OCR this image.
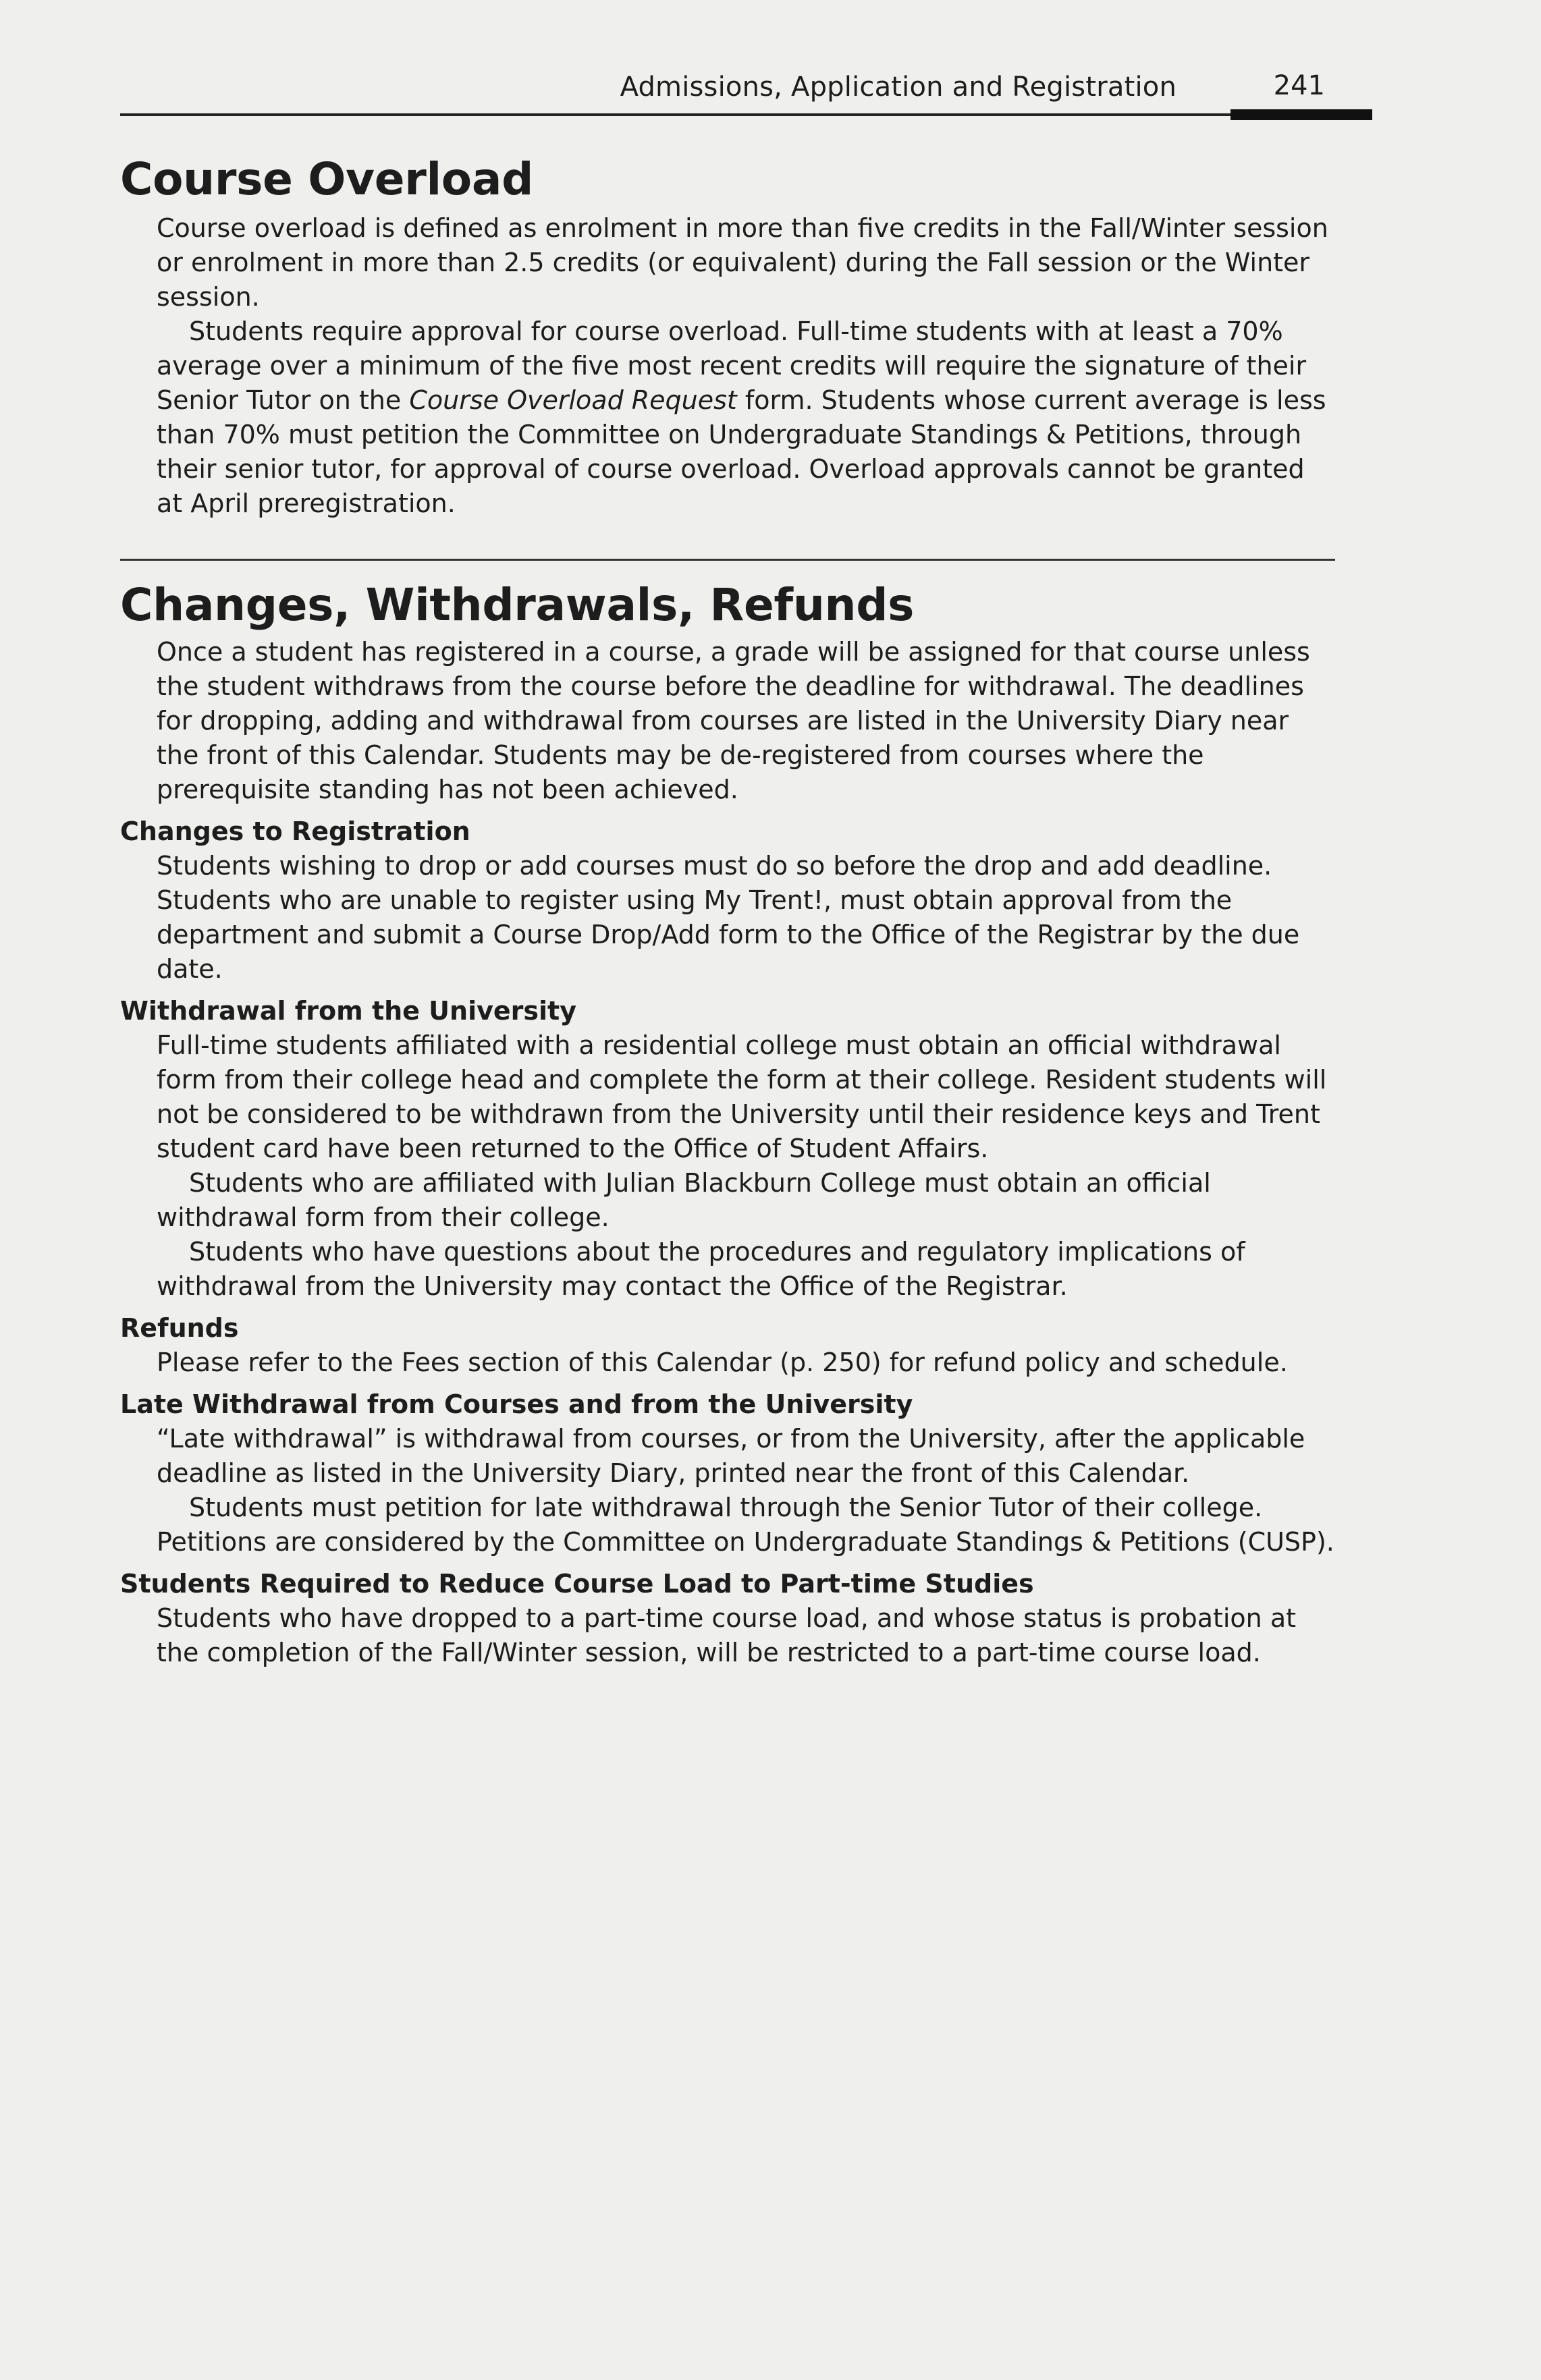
Admissions, Application and Registration	241
Course Overload

Course overload is defined as enrolment in more than five credits in the Fall/Winter session or enrolment in more than 2.5 credits (or equivalent) during the Fall session or the Winter session.

Students require approval for course overload. Full-time students with at least a 70% average over a minimum of the five most recent credits will require the signature of their Senior Tutor on the Course Overload Request form. Students whose current average is less than 70% must petition the Committee on Undergraduate Standings & Petitions, through their senior tutor, for approval of course overload. Overload approvals cannot be granted at April preregistration.

Changes, Withdrawals, Refunds

Once a student has registered in a course, a grade will be assigned for that course unless the student withdraws from the course before the deadline for withdrawal. The deadlines for dropping, adding and withdrawal from courses are listed in the University Diary near the front of this Calendar. Students may be de-registered from courses where the prerequisite standing has not been achieved.

Changes to Registration

Students wishing to drop or add courses must do so before the drop and add deadline. Students who are unable to register using My Trent!, must obtain approval from the department and submit a Course Drop/Add form to the Office of the Registrar by the due date.

Withdrawal from the University

Full-time students affiliated with a residential college must obtain an official withdrawal form from their college head and complete the form at their college. Resident students will not be considered to be withdrawn from the University until their residence keys and Trent student card have been returned to the Office of Student Affairs.

Students who are affiliated with Julian Blackburn College must obtain an official withdrawal form from their college.

Students who have questions about the procedures and regulatory implications of withdrawal from the University may contact the Office of the Registrar.

Refunds

Please refer to the Fees section of this Calendar (p. 250) for refund policy and schedule.

Late Withdrawal from Courses and from the University

“Late withdrawal” is withdrawal from courses, or from the University, after the applicable deadline as listed in the University Diary, printed near the front of this Calendar.

Students must petition for late withdrawal through the Senior Tutor of their college. Petitions are considered by the Committee on Undergraduate Standings & Petitions (CUSP).

Students Required to Reduce Course Load to Part-time Studies

Students who have dropped to a part-time course load, and whose status is probation at the completion of the Fall/Winter session, will be restricted to a part-time course load.
